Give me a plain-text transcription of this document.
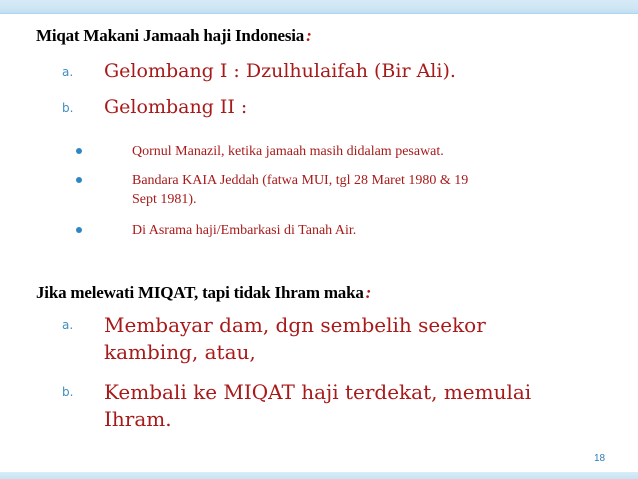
Miqat Makani Jamaah haji Indonesia :
a. Gelombang I : Dzulhulaifah (Bir Ali).
b. Gelombang II :
Qornul Manazil, ketika jamaah masih didalam pesawat.
Bandara KAIA Jeddah (fatwa MUI, tgl 28 Maret 1980 & 19
Sept 1981).
Di Asrama haji/Embarkasi di Tanah Air.
Jika melewati MIQAT, tapi tidak Ihram maka :
a. Membayar dam, dgn sembelih seekor
kambing, atau,
b. Kembali ke MIQAT haji terdekat, memulai
Ihram.
18
